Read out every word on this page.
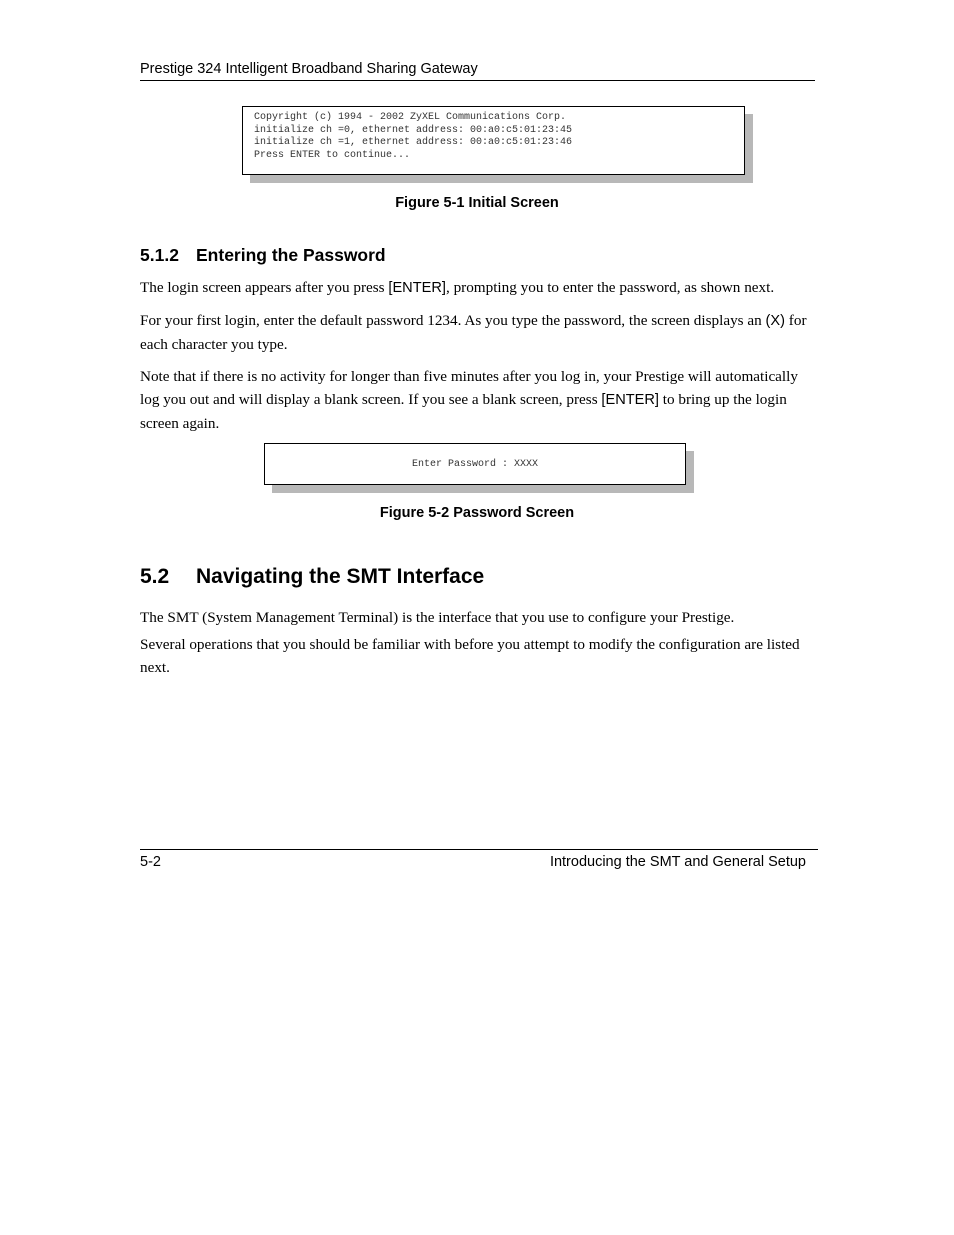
Prestige 324 Intelligent Broadband Sharing Gateway
Copyright (c) 1994 - 2002 ZyXEL Communications Corp.
initialize ch =0, ethernet address: 00:a0:c5:01:23:45
initialize ch =1, ethernet address: 00:a0:c5:01:23:46
Press ENTER to continue...
Figure 5-1 Initial Screen
5.1.2 Entering the Password
The login screen appears after you press [ENTER], prompting you to enter the password, as shown next.
For your first login, enter the default password 1234. As you type the password, the screen displays an (X) for each character you type.
Note that if there is no activity for longer than five minutes after you log in, your Prestige will automatically log you out and will display a blank screen. If you see a blank screen, press [ENTER] to bring up the login screen again.
Enter Password : XXXX
Figure 5-2 Password Screen
5.2 Navigating the SMT Interface
The SMT (System Management Terminal) is the interface that you use to configure your Prestige.
Several operations that you should be familiar with before you attempt to modify the configuration are listed next.
5-2	Introducing the SMT and General Setup
